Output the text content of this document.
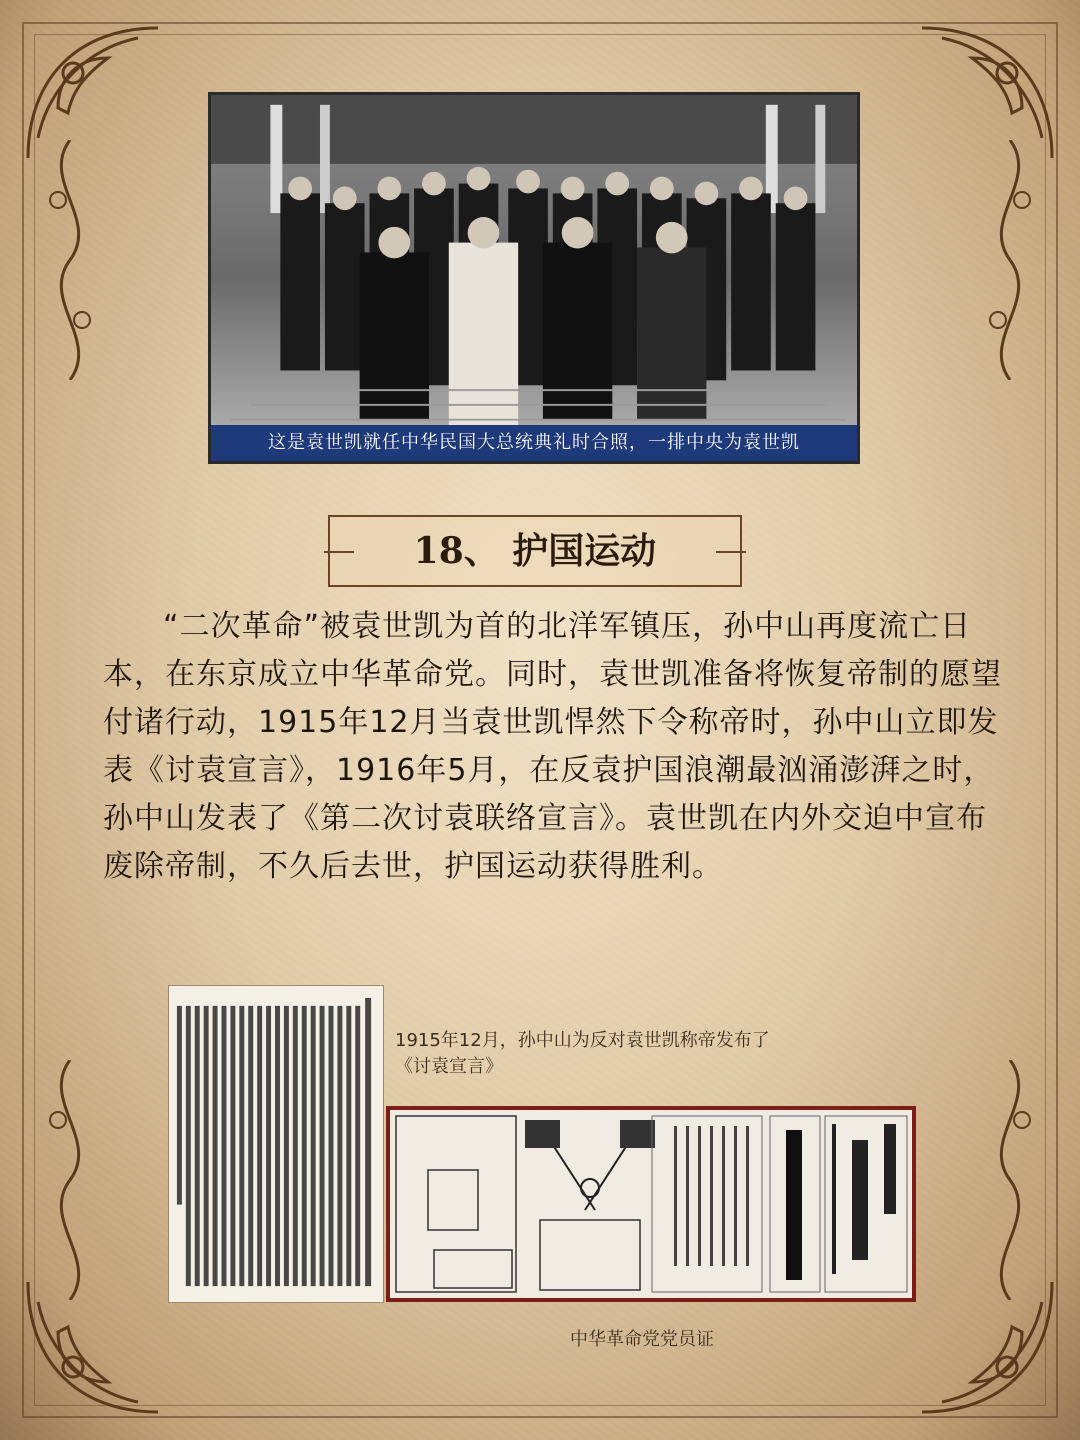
这是袁世凯就任中华民国大总统典礼时合照，一排中央为袁世凯
18、 护国运动
“二次革命”被袁世凯为首的北洋军镇压，孙中山再度流亡日本，在东京成立中华革命党。同时，袁世凯准备将恢复帝制的愿望付诸行动，1915年12月当袁世凯悍然下令称帝时，孙中山立即发表《讨袁宣言》，1916年5月，在反袁护国浪潮最汹涌澎湃之时，孙中山发表了《第二次讨袁联络宣言》。袁世凯在内外交迫中宣布废除帝制，不久后去世，护国运动获得胜利。
1915年12月，孙中山为反对袁世凯称帝发布了《讨袁宣言》
中华革命党党员证
